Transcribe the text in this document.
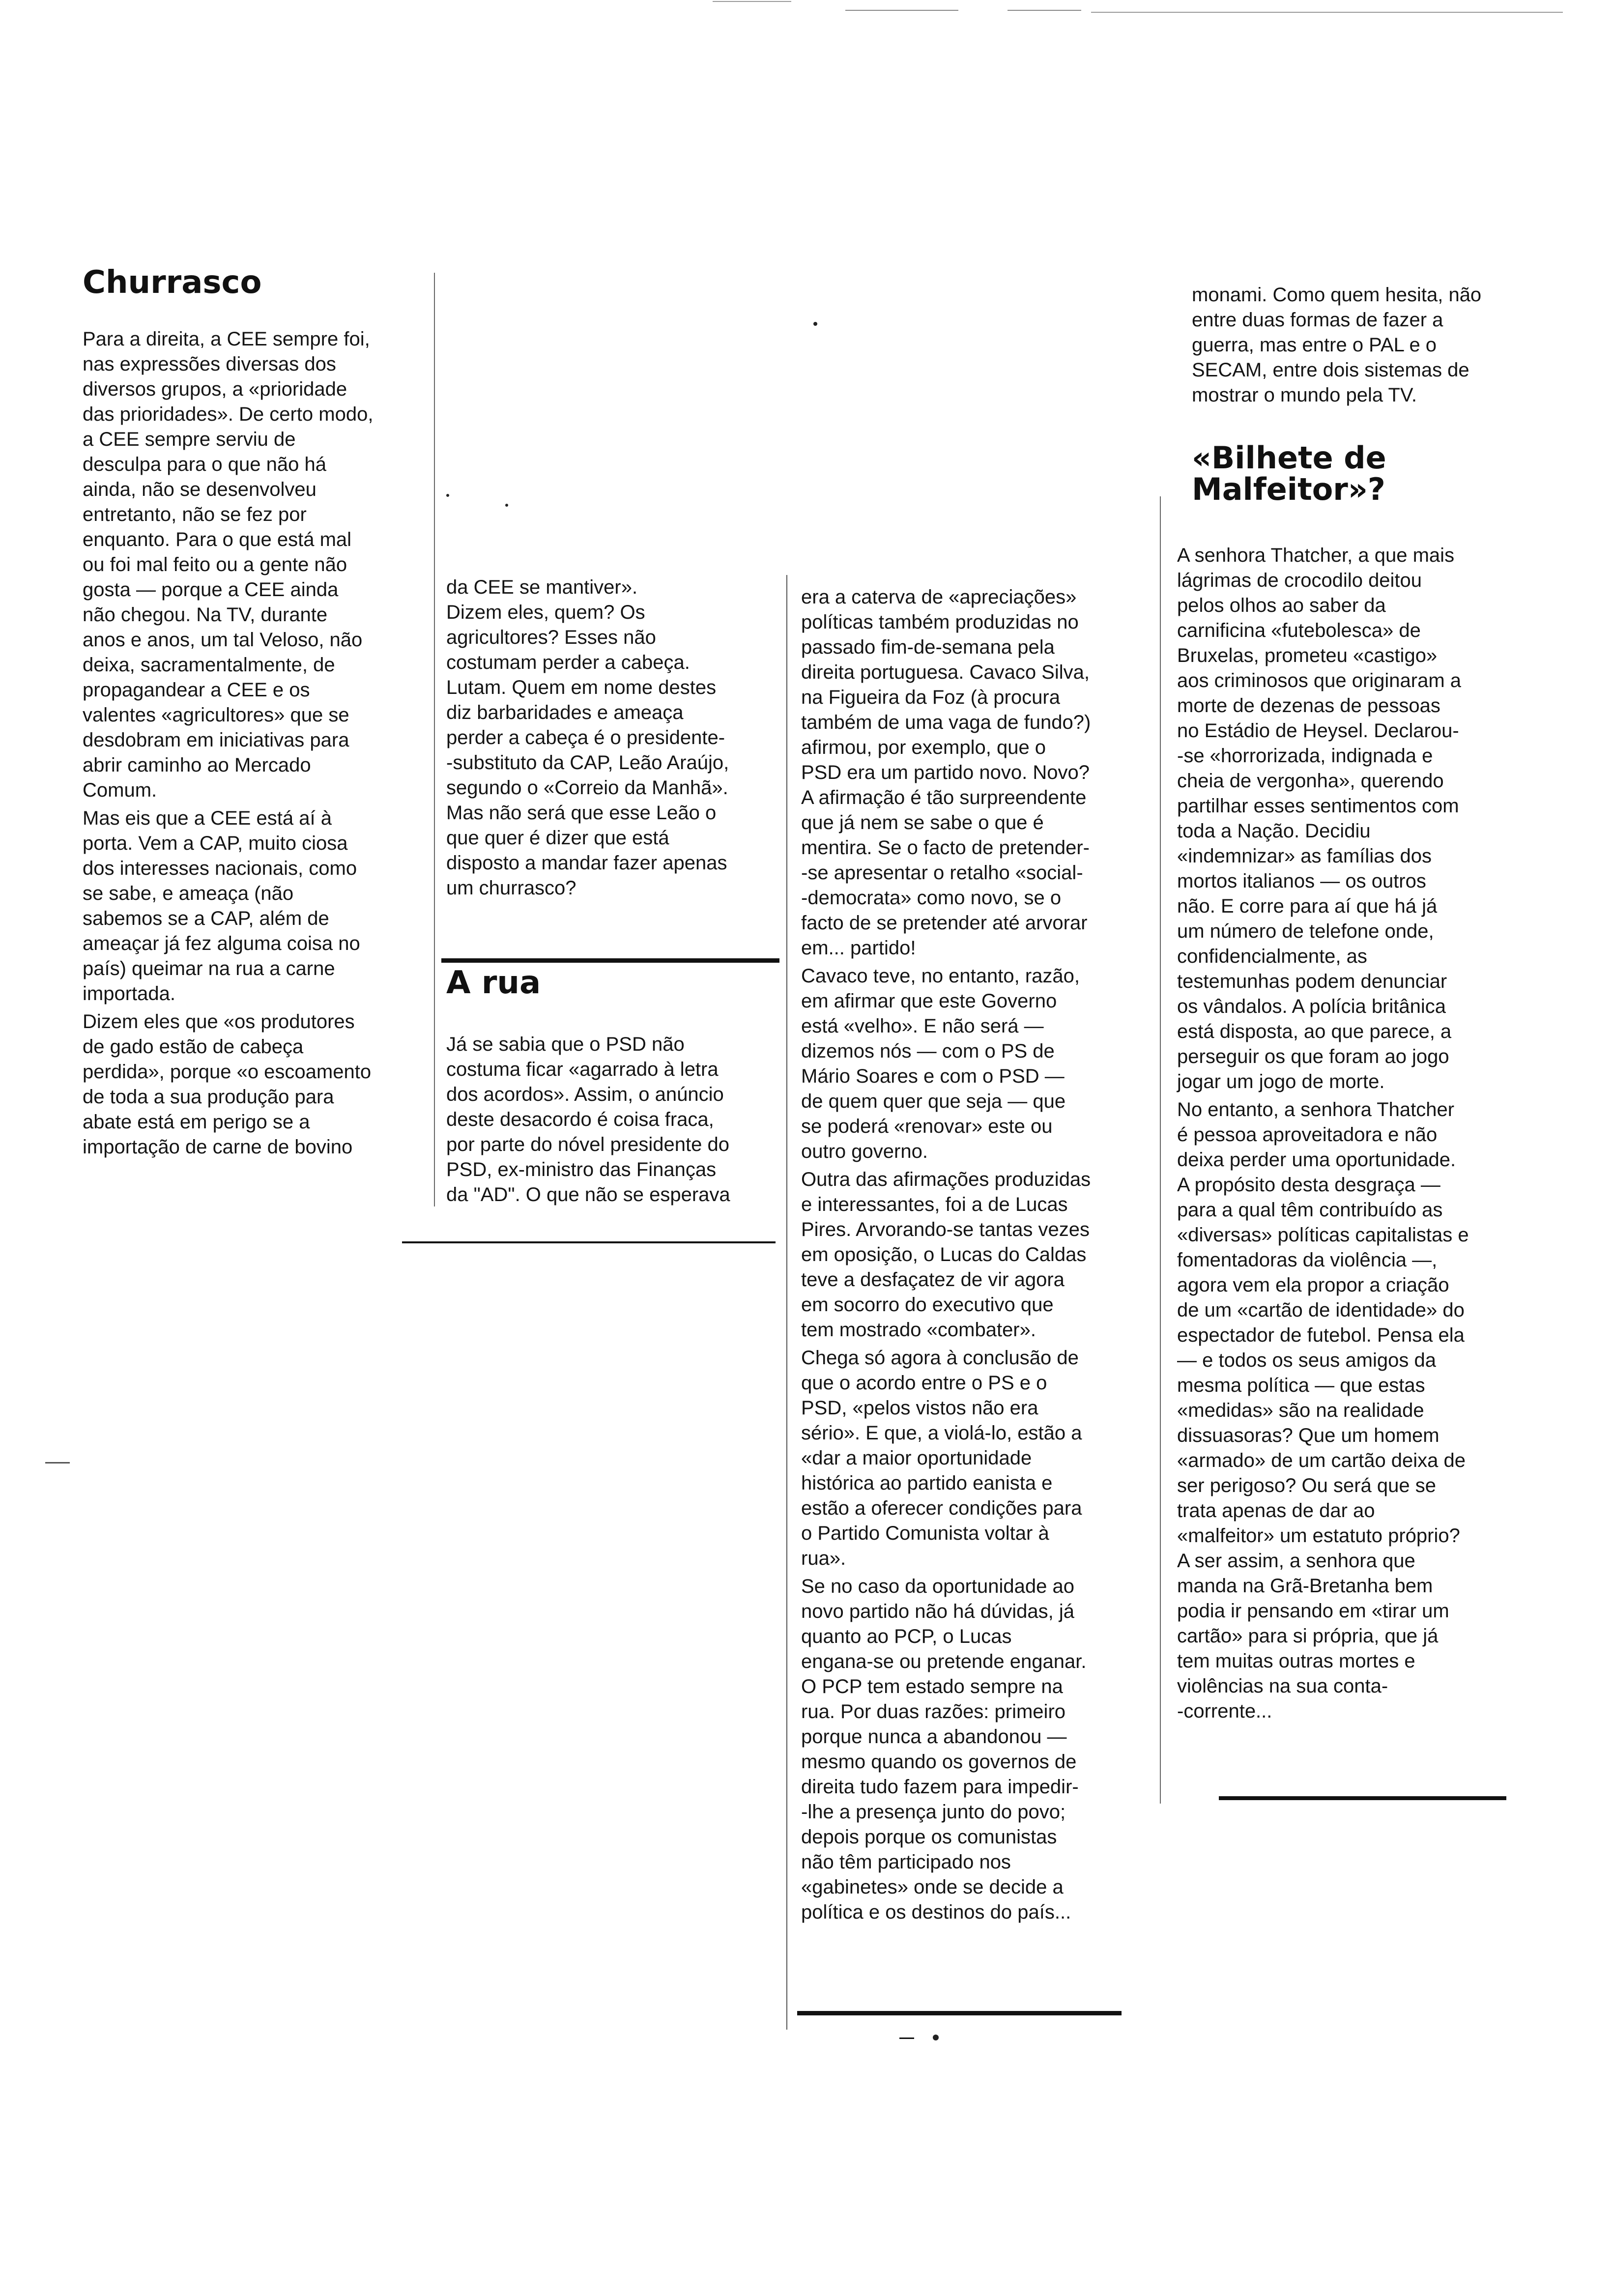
Churrasco

Para a direita, a CEE sempre foi,
nas expressões diversas dos
diversos grupos, a «prioridade
das prioridades». De certo modo,
a CEE sempre serviu de
desculpa para o que não há
ainda, não se desenvolveu
entretanto, não se fez por
enquanto. Para o que está mal
ou foi mal feito ou a gente não
gosta — porque a CEE ainda
não chegou. Na TV, durante
anos e anos, um tal Veloso, não
deixa, sacramentalmente, de
propagandear a CEE e os
valentes «agricultores» que se
desdobram em iniciativas para
abrir caminho ao Mercado
Comum.

Mas eis que a CEE está aí à
porta. Vem a CAP, muito ciosa
dos interesses nacionais, como
se sabe, e ameaça (não
sabemos se a CAP, além de
ameaçar já fez alguma coisa no
país) queimar na rua a carne
importada.

Dizem eles que «os produtores
de gado estão de cabeça
perdida», porque «o escoamento
de toda a sua produção para
abate está em perigo se a
importação de carne de bovino

da CEE se mantiver».
Dizem eles, quem? Os
agricultores? Esses não
costumam perder a cabeça.
Lutam. Quem em nome destes
diz barbaridades e ameaça
perder a cabeça é o presidente-
-substituto da CAP, Leão Araújo,
segundo o «Correio da Manhã».
Mas não será que esse Leão o
que quer é dizer que está
disposto a mandar fazer apenas
um churrasco?

A rua

Já se sabia que o PSD não
costuma ficar «agarrado à letra
dos acordos». Assim, o anúncio
deste desacordo é coisa fraca,
por parte do nóvel presidente do
PSD, ex-ministro das Finanças
da "AD". O que não se esperava

era a caterva de «apreciações»
políticas também produzidas no
passado fim-de-semana pela
direita portuguesa. Cavaco Silva,
na Figueira da Foz (à procura
também de uma vaga de fundo?)
afirmou, por exemplo, que o
PSD era um partido novo. Novo?
A afirmação é tão surpreendente
que já nem se sabe o que é
mentira. Se o facto de pretender-
-se apresentar o retalho «social-
-democrata» como novo, se o
facto de se pretender até arvorar
em... partido!

Cavaco teve, no entanto, razão,
em afirmar que este Governo
está «velho». E não será —
dizemos nós — com o PS de
Mário Soares e com o PSD —
de quem quer que seja — que
se poderá «renovar» este ou
outro governo.

Outra das afirmações produzidas
e interessantes, foi a de Lucas
Pires. Arvorando-se tantas vezes
em oposição, o Lucas do Caldas
teve a desfaçatez de vir agora
em socorro do executivo que
tem mostrado «combater».

Chega só agora à conclusão de
que o acordo entre o PS e o
PSD, «pelos vistos não era
sério». E que, a violá-lo, estão a
«dar a maior oportunidade
histórica ao partido eanista e
estão a oferecer condições para
o Partido Comunista voltar à
rua».

Se no caso da oportunidade ao
novo partido não há dúvidas, já
quanto ao PCP, o Lucas
engana-se ou pretende enganar.
O PCP tem estado sempre na
rua. Por duas razões: primeiro
porque nunca a abandonou —
mesmo quando os governos de
direita tudo fazem para impedir-
-lhe a presença junto do povo;
depois porque os comunistas
não têm participado nos
«gabinetes» onde se decide a
política e os destinos do país...

monami. Como quem hesita, não
entre duas formas de fazer a
guerra, mas entre o PAL e o
SECAM, entre dois sistemas de
mostrar o mundo pela TV.

«Bilhete de
Malfeitor»?

A senhora Thatcher, a que mais
lágrimas de crocodilo deitou
pelos olhos ao saber da
carnificina «futebolesca» de
Bruxelas, prometeu «castigo»
aos criminosos que originaram a
morte de dezenas de pessoas
no Estádio de Heysel. Declarou-
-se «horrorizada, indignada e
cheia de vergonha», querendo
partilhar esses sentimentos com
toda a Nação. Decidiu
«indemnizar» as famílias dos
mortos italianos — os outros
não. E corre para aí que há já
um número de telefone onde,
confidencialmente, as
testemunhas podem denunciar
os vândalos. A polícia britânica
está disposta, ao que parece, a
perseguir os que foram ao jogo
jogar um jogo de morte.

No entanto, a senhora Thatcher
é pessoa aproveitadora e não
deixa perder uma oportunidade.
A propósito desta desgraça —
para a qual têm contribuído as
«diversas» políticas capitalistas e
fomentadoras da violência —,
agora vem ela propor a criação
de um «cartão de identidade» do
espectador de futebol. Pensa ela
— e todos os seus amigos da
mesma política — que estas
«medidas» são na realidade
dissuasoras? Que um homem
«armado» de um cartão deixa de
ser perigoso? Ou será que se
trata apenas de dar ao
«malfeitor» um estatuto próprio?
A ser assim, a senhora que
manda na Grã-Bretanha bem
podia ir pensando em «tirar um
cartão» para si própria, que já
tem muitas outras mortes e
violências na sua conta-
-corrente...
